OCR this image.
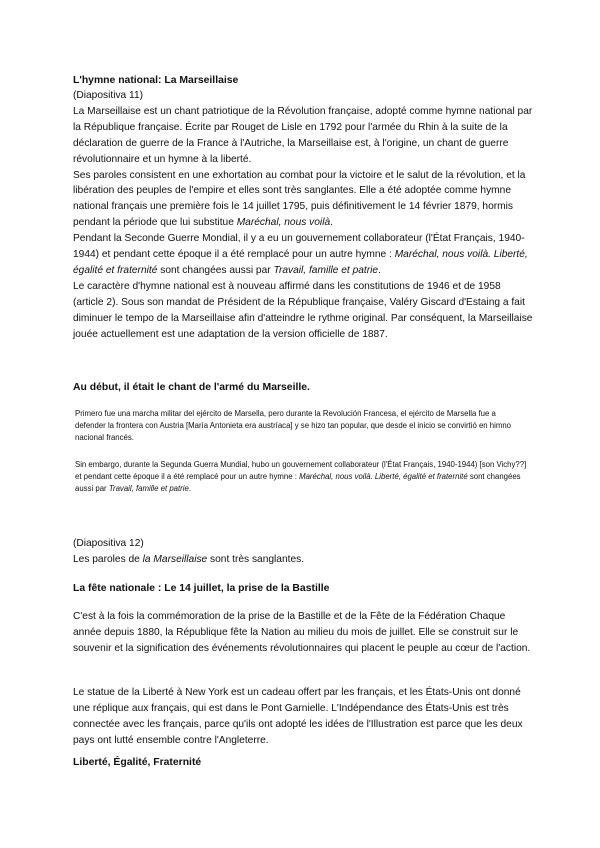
L'hymne national: La Marseillaise

(Diapositiva 11)

La Marseillaise est un chant patriotique de la Révolution française, adopté comme hymne national par la République française. Écrite par Rouget de Lisle en 1792 pour l'armée du Rhin à la suite de la déclaration de guerre de la France à l'Autriche, la Marseillaise est, à l'origine, un chant de guerre révolutionnaire et un hymne à la liberté.

Ses paroles consistent en une exhortation au combat pour la victoire et le salut de la révolution, et la libération des peuples de l'empire et elles sont très sanglantes. Elle a été adoptée comme hymne national français une première fois le 14 juillet 1795, puis définitivement le 14 février 1879, hormis pendant la période que lui substitue Maréchal, nous voilà.

Pendant la Seconde Guerre Mondial, il y a eu un gouvernement collaborateur (l'État Français, 1940-1944) et pendant cette époque il a été remplacé pour un autre hymne : Maréchal, nous voilà. Liberté, égalité et fraternité sont changées aussi par Travail, famille et patrie.

Le caractère d'hymne national est à nouveau affirmé dans les constitutions de 1946 et de 1958 (article 2). Sous son mandat de Président de la République française, Valéry Giscard d'Estaing a fait diminuer le tempo de la Marseillaise afin d'atteindre le rythme original. Par conséquent, la Marseillaise jouée actuellement est une adaptation de la version officielle de 1887.

Au début, il était le chant de l'armé du Marseille.

Primero fue una marcha militar del ejército de Marsella, pero durante la Revolución Francesa, el ejército de Marsella fue a defender la frontera con Austria [María Antonieta era austríaca] y se hizo tan popular, que desde el inicio se convirtió en himno nacional francés.

Sin embargo, durante la Segunda Guerra Mundial, hubo un gouvernement collaborateur (l'État Français, 1940-1944) [son Vichy??] et pendant cette époque il a été remplacé pour un autre hymne : Maréchal, nous voilà. Liberté, égalité et fraternité sont changées aussi par Travail, famille et patrie.

(Diapositiva 12)

Les paroles de la Marseillaise sont très sanglantes.

La fête nationale : Le 14 juillet, la prise de la Bastille

C'est à la fois la commémoration de la prise de la Bastille et de la Fête de la Fédération Chaque année depuis 1880, la République fête la Nation au milieu du mois de juillet. Elle se construit sur le souvenir et la signification des événements révolutionnaires qui placent le peuple au cœur de l'action.

Le statue de la Liberté à New York est un cadeau offert par les français, et les États-Unis ont donné une réplique aux français, qui est dans le Pont Garnielle. L'Indépendance des États-Unis est très connectée avec les français, parce qu'ils ont adopté les idées de l'Illustration est parce que les deux pays ont lutté ensemble contre l'Angleterre.

Liberté, Égalité, Fraternité
